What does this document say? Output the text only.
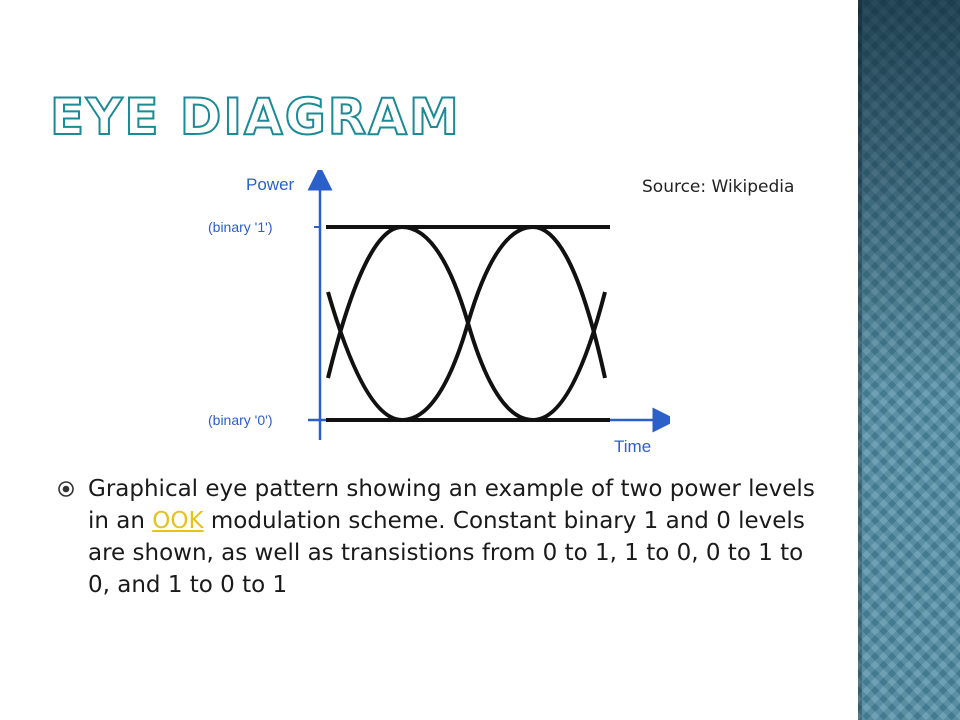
EYE DIAGRAM
Source: Wikipedia
Power
Time
(binary '1')
(binary '0')

Graphical eye pattern showing an example of two power levels in an OOK modulation scheme. Constant binary 1 and 0 levels are shown, as well as transistions from 0 to 1, 1 to 0, 0 to 1 to 0, and 1 to 0 to 1
